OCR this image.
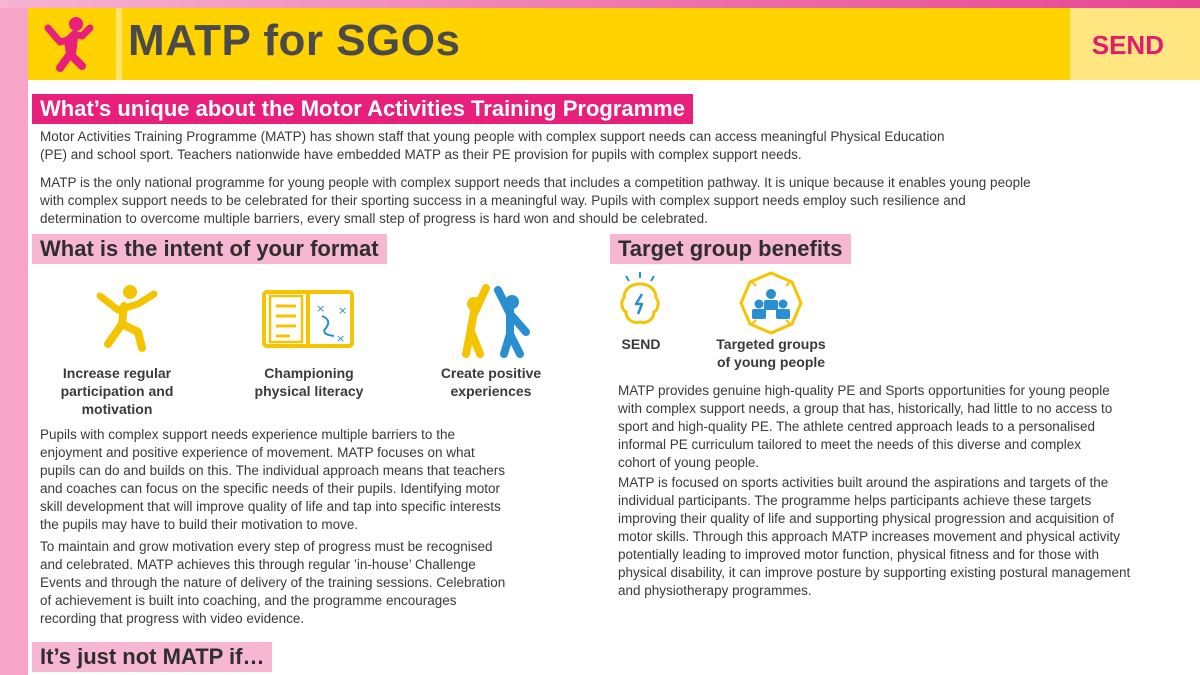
MATP for SGOs	SEND
What’s unique about the Motor Activities Training Programme

Motor Activities Training Programme (MATP) has shown staff that young people with complex support needs can access meaningful Physical Education (PE) and school sport. Teachers nationwide have embedded MATP as their PE provision for pupils with complex support needs.

MATP is the only national programme for young people with complex support needs that includes a competition pathway. It is unique because it enables young people with complex support needs to be celebrated for their sporting success in a meaningful way. Pupils with complex support needs employ such resilience and determination to overcome multiple barriers, every small step of progress is hard won and should be celebrated.

What is the intent of your format
Increase regular participation and motivation
×
×
×
Championing physical literacy
Create positive experiences

Pupils with complex support needs experience multiple barriers to the enjoyment and positive experience of movement. MATP focuses on what pupils can do and builds on this. The individual approach means that teachers and coaches can focus on the specific needs of their pupils. Identifying motor skill development that will improve quality of life and tap into specific interests the pupils may have to build their motivation to move.

To maintain and grow motivation every step of progress must be recognised and celebrated. MATP achieves this through regular ’in-house’ Challenge Events and through the nature of delivery of the training sessions. Celebration of achievement is built into coaching, and the programme encourages recording that progress with video evidence.

It’s just not MATP if…
Target group benefits
SEND	Targeted groups of young people

MATP provides genuine high-quality PE and Sports opportunities for young people with complex support needs, a group that has, historically, had little to no access to sport and high-quality PE. The athlete centred approach leads to a personalised informal PE curriculum tailored to meet the needs of this diverse and complex cohort of young people.

MATP is focused on sports activities built around the aspirations and targets of the individual participants. The programme helps participants achieve these targets improving their quality of life and supporting physical progression and acquisition of motor skills. Through this approach MATP increases movement and physical activity potentially leading to improved motor function, physical fitness and for those with physical disability, it can improve posture by supporting existing postural management and physiotherapy programmes.
